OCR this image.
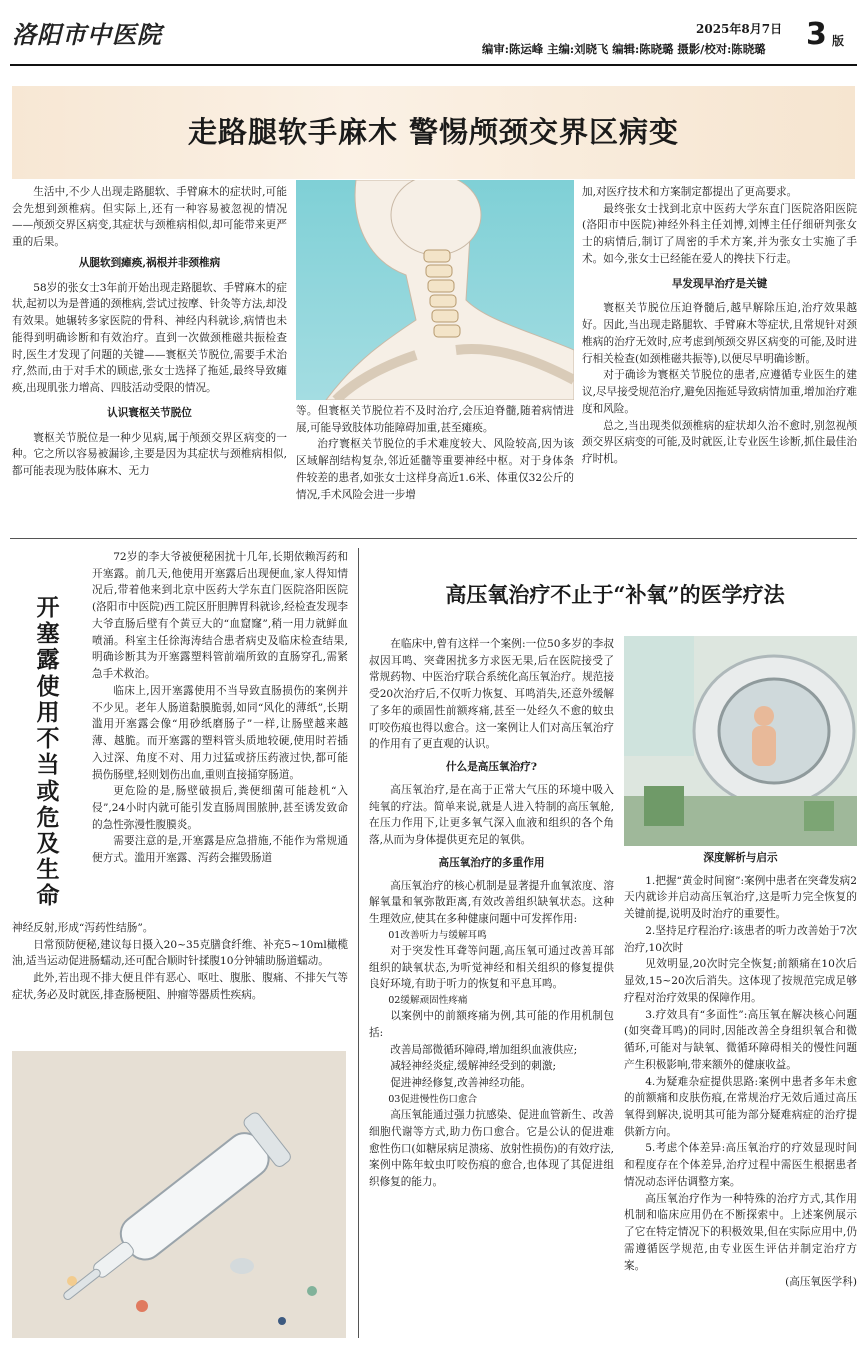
洛阳市中医院	2025年8月7日 3 版
编审:陈运峰 主编:刘晓飞 编辑:陈晓璐 摄影/校对:陈晓璐
走路腿软手麻木 警惕颅颈交界区病变

生活中,不少人出现走路腿软、手臂麻木的症状时,可能会先想到颈椎病。但实际上,还有一种容易被忽视的情况——颅颈交界区病变,其症状与颈椎病相似,却可能带来更严重的后果。

从腿软到瘫痪,祸根并非颈椎病

58岁的张女士3年前开始出现走路腿软、手臂麻木的症状,起初以为是普通的颈椎病,尝试过按摩、针灸等方法,却没有效果。她辗转多家医院的骨科、神经内科就诊,病情也未能得到明确诊断和有效治疗。直到一次做颈椎磁共振检查时,医生才发现了问题的关键——寰枢关节脱位,需要手术治疗,然而,由于对手术的顾虑,张女士选择了拖延,最终导致瘫痪,出现肌张力增高、四肢活动受限的情况。

认识寰枢关节脱位

寰枢关节脱位是一种少见病,属于颅颈交界区病变的一种。它之所以容易被漏诊,主要是因为其症状与颈椎病相似,都可能表现为肢体麻木、无力

等。但寰枢关节脱位若不及时治疗,会压迫脊髓,随着病情进展,可能导致肢体功能障碍加重,甚至瘫痪。

治疗寰枢关节脱位的手术难度较大、风险较高,因为该区域解剖结构复杂,邻近延髓等重要神经中枢。对于身体条件较差的患者,如张女士这样身高近1.6米、体重仅32公斤的情况,手术风险会进一步增

加,对医疗技术和方案制定都提出了更高要求。

最终张女士找到北京中医药大学东直门医院洛阳医院(洛阳市中医院)神经外科主任刘博,刘博主任仔细研判张女士的病情后,制订了周密的手术方案,并为张女士实施了手术。如今,张女士已经能在爱人的搀扶下行走。

早发现早治疗是关键

寰枢关节脱位压迫脊髓后,越早解除压迫,治疗效果越好。因此,当出现走路腿软、手臂麻木等症状,且常规针对颈椎病的治疗无效时,应考虑到颅颈交界区病变的可能,及时进行相关检查(如颈椎磁共振等),以便尽早明确诊断。

对于确诊为寰枢关节脱位的患者,应遵循专业医生的建议,尽早接受规范治疗,避免因拖延导致病情加重,增加治疗难度和风险。

总之,当出现类似颈椎病的症状却久治不愈时,别忽视颅颈交界区病变的可能,及时就医,让专业医生诊断,抓住最佳治疗时机。

开塞露使用不当或危及生命

72岁的李大爷被便秘困扰十几年,长期依赖泻药和开塞露。前几天,他使用开塞露后出现便血,家人得知情况后,带着他来到北京中医药大学东直门医院洛阳医院(洛阳市中医院)西工院区肝胆脾胃科就诊,经检查发现李大爷直肠后壁有个黄豆大的“血窟窿”,稍一用力就鲜血喷涌。科室主任徐海涛结合患者病史及临床检查结果,明确诊断其为开塞露塑料管前端所致的直肠穿孔,需紧急手术救治。

临床上,因开塞露使用不当导致直肠损伤的案例并不少见。老年人肠道黏膜脆弱,如同“风化的薄纸”,长期滥用开塞露会像“用砂纸磨肠子”一样,让肠壁越来越薄、越脆。而开塞露的塑料管头质地较硬,使用时若插入过深、角度不对、用力过猛或挤压药液过快,都可能损伤肠壁,轻则划伤出血,重则直接捅穿肠道。

更危险的是,肠壁破损后,粪便细菌可能趁机“入侵”,24小时内就可能引发直肠周围脓肿,甚至诱发致命的急性弥漫性腹膜炎。

需要注意的是,开塞露是应急措施,不能作为常规通便方式。滥用开塞露、泻药会摧毁肠道

神经反射,形成“泻药性结肠”。

日常预防便秘,建议每日摄入20~35克膳食纤维、补充5~10ml橄榄油,适当运动促进肠蠕动,还可配合顺时针揉腹10分钟辅助肠道蠕动。

此外,若出现不排大便且伴有恶心、呕吐、腹胀、腹痛、不排矢气等症状,务必及时就医,排查肠梗阻、肿瘤等器质性疾病。

高压氧治疗不止于“补氧”的医学疗法

在临床中,曾有这样一个案例:一位50多岁的李叔叔因耳鸣、突聋困扰多方求医无果,后在医院接受了常规药物、中医治疗联合系统化高压氧治疗。规范接受20次治疗后,不仅听力恢复、耳鸣消失,还意外缓解了多年的顽固性前额疼痛,甚至一处经久不愈的蚊虫叮咬伤痕也得以愈合。这一案例让人们对高压氧治疗的作用有了更直观的认识。

什么是高压氧治疗?

高压氧治疗,是在高于正常大气压的环境中吸入纯氧的疗法。简单来说,就是人进入特制的高压氧舱,在压力作用下,让更多氧气深入血液和组织的各个角落,从而为身体提供更充足的氧供。

高压氧治疗的多重作用

高压氧治疗的核心机制是显著提升血氧浓度、溶解氧量和氧弥散距离,有效改善组织缺氧状态。这种生理效应,使其在多种健康问题中可发挥作用:

01改善听力与缓解耳鸣

对于突发性耳聋等问题,高压氧可通过改善耳部组织的缺氧状态,为听觉神经和相关组织的修复提供良好环境,有助于听力的恢复和平息耳鸣。

02缓解顽固性疼痛

以案例中的前额疼痛为例,其可能的作用机制包括:

改善局部微循环障碍,增加组织血液供应;

减轻神经炎症,缓解神经受到的刺激;

促进神经修复,改善神经功能。

03促进慢性伤口愈合

高压氧能通过强力抗感染、促进血管新生、改善细胞代谢等方式,助力伤口愈合。它是公认的促进难愈性伤口(如糖尿病足溃疡、放射性损伤)的有效疗法,案例中陈年蚊虫叮咬伤痕的愈合,也体现了其促进组织修复的能力。

深度解析与启示

1.把握“黄金时间窗”:案例中患者在突聋发病2天内就诊并启动高压氧治疗,这是听力完全恢复的关键前提,说明及时治疗的重要性。

2.坚持足疗程治疗:该患者的听力改善始于7次治疗,10次时

见效明显,20次时完全恢复;前额痛在10次后显效,15~20次后消失。这体现了按规范完成足够疗程对治疗效果的保障作用。

3.疗效具有“多面性”:高压氧在解决核心问题(如突聋耳鸣)的同时,因能改善全身组织氧合和微循环,可能对与缺氧、微循环障碍相关的慢性问题产生积极影响,带来额外的健康收益。

4.为疑难杂症提供思路:案例中患者多年未愈的前额痛和皮肤伤痕,在常规治疗无效后通过高压氧得到解决,说明其可能为部分疑难病症的治疗提供新方向。

5.考虑个体差异:高压氧治疗的疗效显现时间和程度存在个体差异,治疗过程中需医生根据患者情况动态评估调整方案。

高压氧治疗作为一种特殊的治疗方式,其作用机制和临床应用仍在不断探索中。上述案例展示了它在特定情况下的积极效果,但在实际应用中,仍需遵循医学规范,由专业医生评估并制定治疗方案。

(高压氧医学科)
